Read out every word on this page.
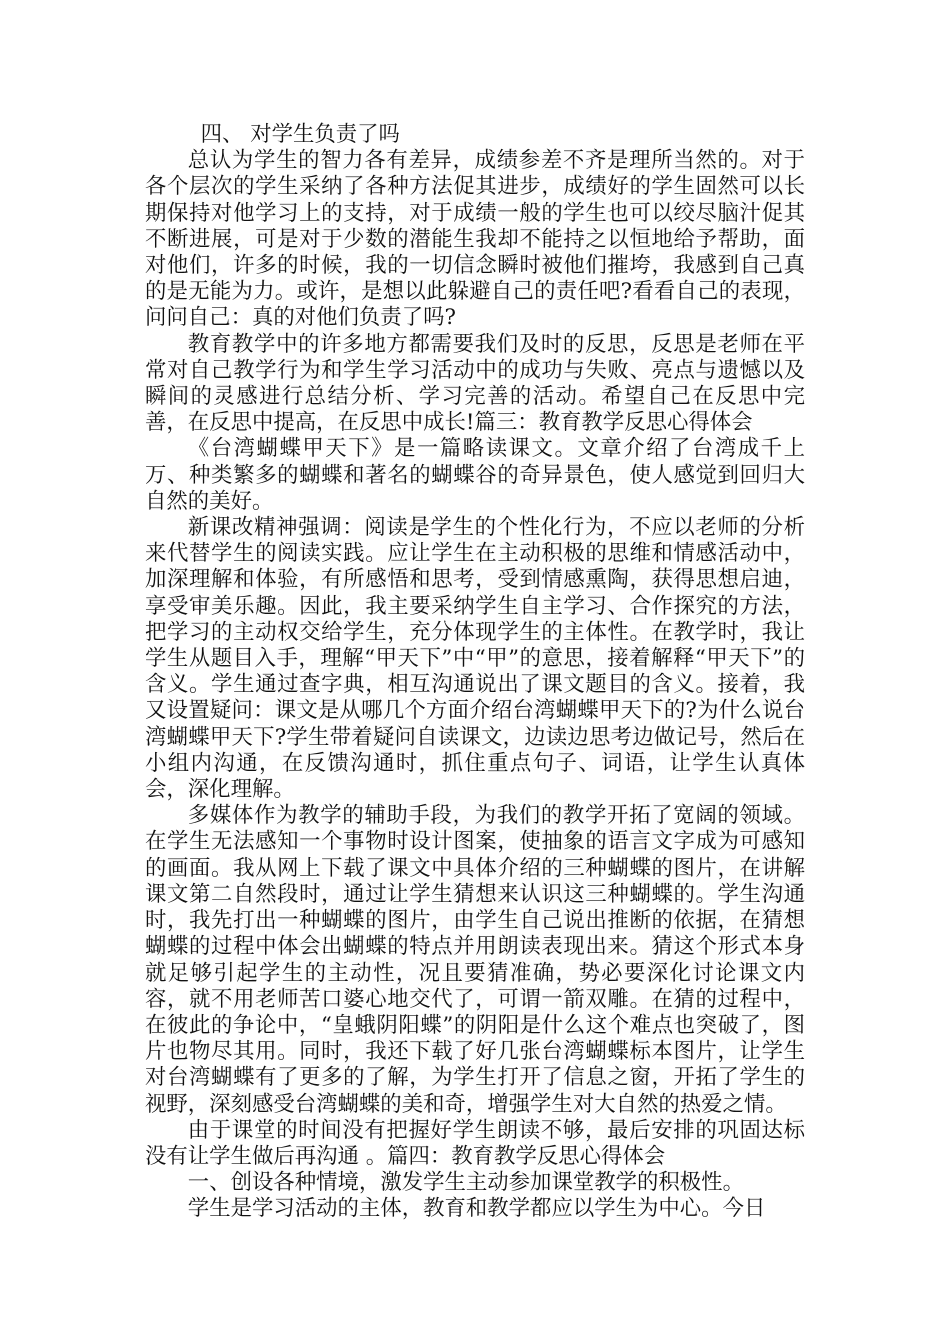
四、 对学生负责了吗

总认为学生的智力各有差异，成绩参差不齐是理所当然的。对于各个层次的学生采纳了各种方法促其进步，成绩好的学生固然可以长期保持对他学习上的支持，对于成绩一般的学生也可以绞尽脑汁促其不断进展，可是对于少数的潜能生我却不能持之以恒地给予帮助，面对他们，许多的时候，我的一切信念瞬时被他们摧垮，我感到自己真的是无能为力。或许，是想以此躲避自己的责任吧?看看自己的表现，问问自己：真的对他们负责了吗?

教育教学中的许多地方都需要我们及时的反思，反思是老师在平常对自己教学行为和学生学习活动中的成功与失败、亮点与遗憾以及瞬间的灵感进行总结分析、学习完善的活动。希望自己在反思中完善，在反思中提高，在反思中成长!篇三：教育教学反思心得体会

《台湾蝴蝶甲天下》是一篇略读课文。文章介绍了台湾成千上万、种类繁多的蝴蝶和著名的蝴蝶谷的奇异景色，使人感觉到回归大自然的美好。

新课改精神强调：阅读是学生的个性化行为，不应以老师的分析来代替学生的阅读实践。应让学生在主动积极的思维和情感活动中，加深理解和体验，有所感悟和思考，受到情感熏陶，获得思想启迪，享受审美乐趣。因此，我主要采纳学生自主学习、合作探究的方法，把学习的主动权交给学生，充分体现学生的主体性。在教学时，我让学生从题目入手，理解“甲天下”中“甲”的意思，接着解释“甲天下”的含义。学生通过查字典，相互沟通说出了课文题目的含义。接着，我又设置疑问：课文是从哪几个方面介绍台湾蝴蝶甲天下的?为什么说台湾蝴蝶甲天下?学生带着疑问自读课文，边读边思考边做记号，然后在小组内沟通，在反馈沟通时，抓住重点句子、词语，让学生认真体会，深化理解。

多媒体作为教学的辅助手段，为我们的教学开拓了宽阔的领域。在学生无法感知一个事物时设计图案，使抽象的语言文字成为可感知的画面。我从网上下载了课文中具体介绍的三种蝴蝶的图片，在讲解课文第二自然段时，通过让学生猜想来认识这三种蝴蝶的。学生沟通时，我先打出一种蝴蝶的图片，由学生自己说出推断的依据，在猜想蝴蝶的过程中体会出蝴蝶的特点并用朗读表现出来。猜这个形式本身就足够引起学生的主动性，况且要猜准确，势必要深化讨论课文内容，就不用老师苦口婆心地交代了，可谓一箭双雕。在猜的过程中，在彼此的争论中，“皇蛾阴阳蝶”的阴阳是什么这个难点也突破了，图片也物尽其用。同时，我还下载了好几张台湾蝴蝶标本图片，让学生对台湾蝴蝶有了更多的了解，为学生打开了信息之窗，开拓了学生的视野，深刻感受台湾蝴蝶的美和奇，增强学生对大自然的热爱之情。

由于课堂的时间没有把握好学生朗读不够，最后安排的巩固达标没有让学生做后再沟通 。篇四：教育教学反思心得体会

一、创设各种情境，激发学生主动参加课堂教学的积极性。

学生是学习活动的主体，教育和教学都应以学生为中心。今日
